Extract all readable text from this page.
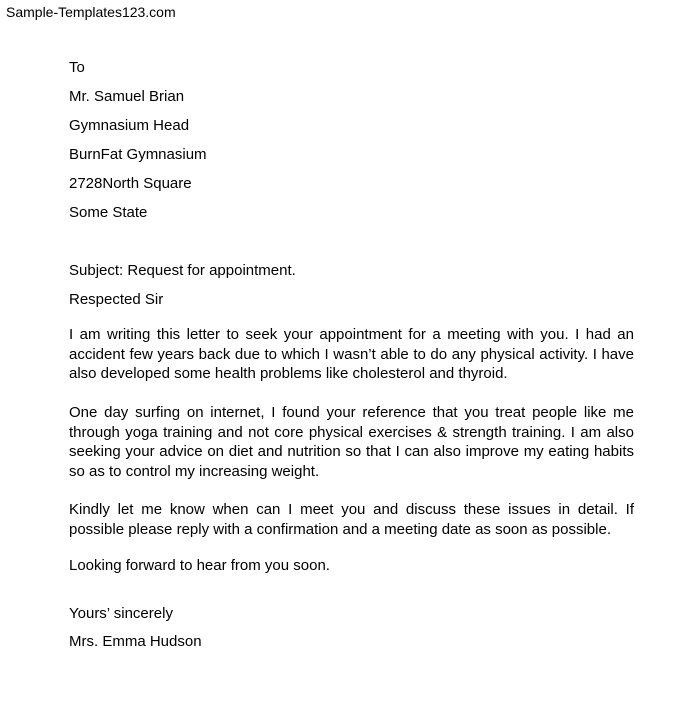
Sample-Templates123.com
To
Mr. Samuel Brian
Gymnasium Head
BurnFat Gymnasium
2728North Square
Some State
Subject: Request for appointment.
Respected Sir

I am writing this letter to seek your appointment for a meeting with you. I had an accident few years back due to which I wasn’t able to do any physical activity. I have also developed some health problems like cholesterol and thyroid.

One day surfing on internet, I found your reference that you treat people like me through yoga training and not core physical exercises & strength training. I am also seeking your advice on diet and nutrition so that I can also improve my eating habits so as to control my increasing weight.

Kindly let me know when can I meet you and discuss these issues in detail. If possible please reply with a confirmation and a meeting date as soon as possible.

Looking forward to hear from you soon.
Yours’ sincerely
Mrs. Emma Hudson
